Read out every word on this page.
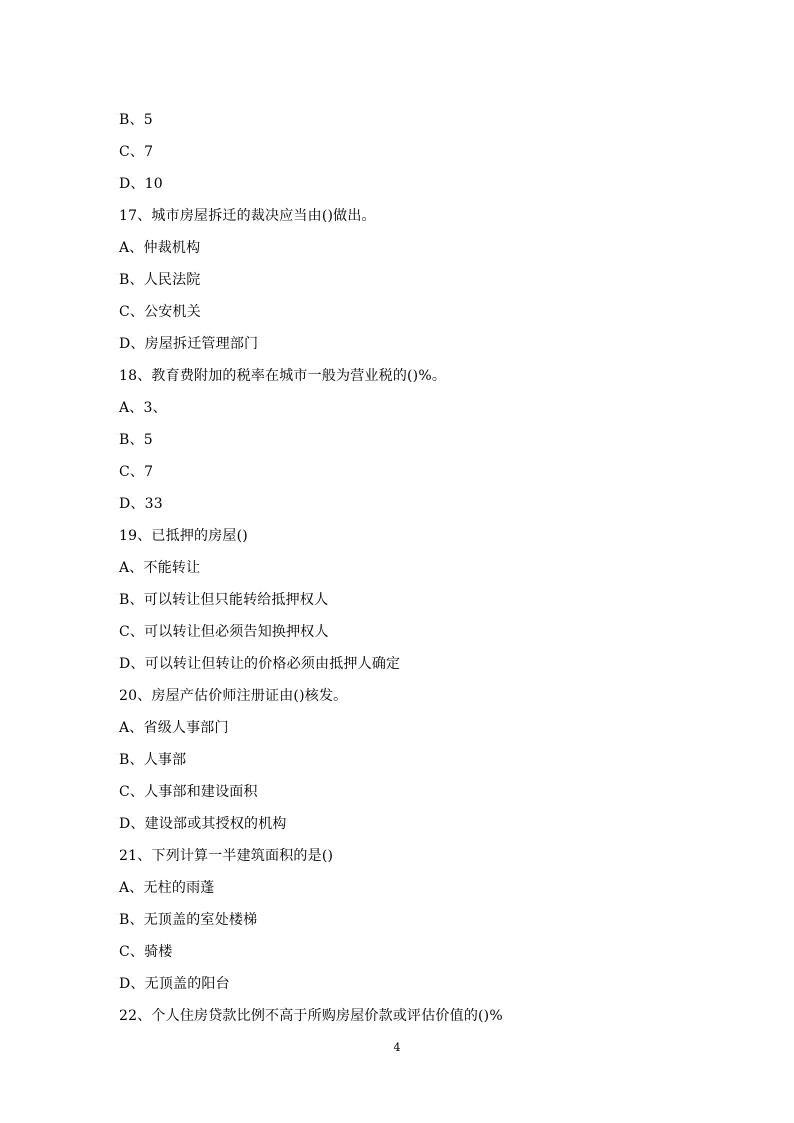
B、5
C、7
D、10
17、城市房屋拆迁的裁决应当由()做出。
A、仲裁机构
B、人民法院
C、公安机关
D、房屋拆迁管理部门
18、教育费附加的税率在城市一般为营业税的()%。
A、3、
B、5
C、7
D、33
19、已抵押的房屋()
A、不能转让
B、可以转让但只能转给抵押权人
C、可以转让但必须告知换押权人
D、可以转让但转让的价格必须由抵押人确定
20、房屋产估价师注册证由()核发。
A、省级人事部门
B、人事部
C、人事部和建设面积
D、建设部或其授权的机构
21、下列计算一半建筑面积的是()
A、无柱的雨蓬
B、无顶盖的室处楼梯
C、骑楼
D、无顶盖的阳台
22、个人住房贷款比例不高于所购房屋价款或评估价值的()%
4
